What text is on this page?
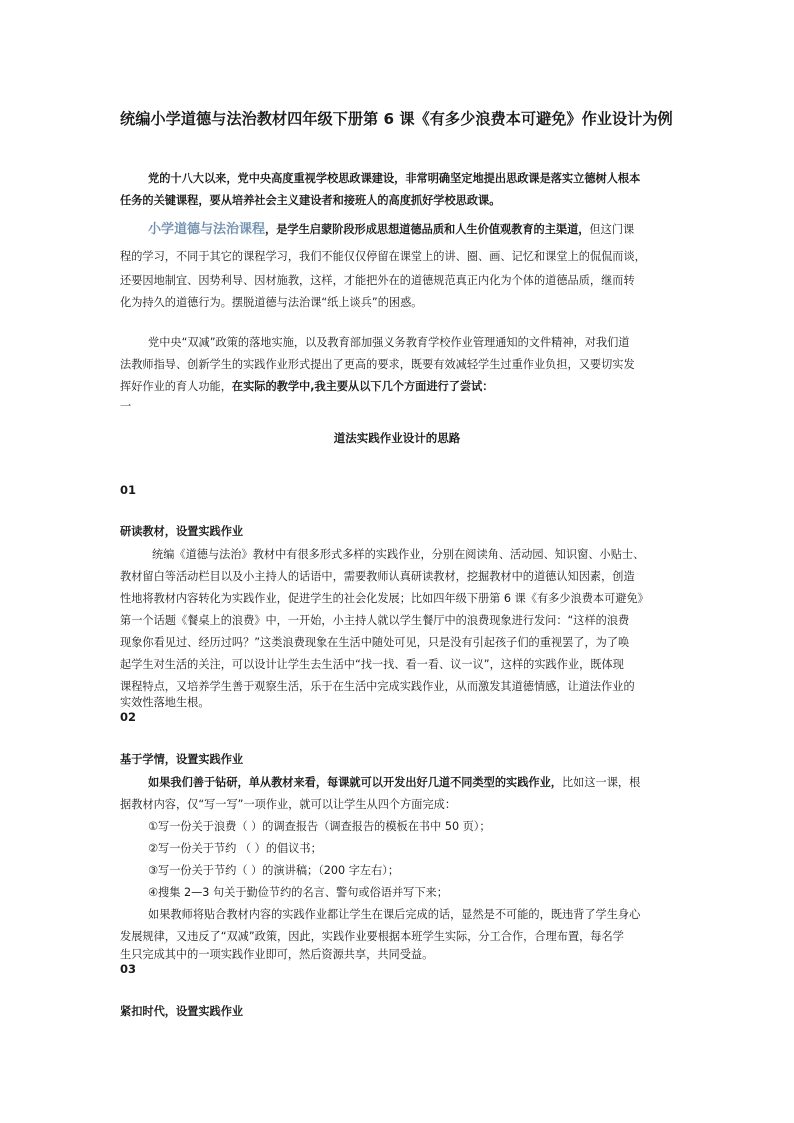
统编小学道德与法治教材四年级下册第 6 课《有多少浪费本可避免》作业设计为例
党的十八大以来，党中央高度重视学校思政课建设，非常明确坚定地提出思政课是落实立德树人根本
任务的关键课程，要从培养社会主义建设者和接班人的高度抓好学校思政课。
小学道德与法治课程，是学生启蒙阶段形成思想道德品质和人生价值观教育的主渠道，但这门课
程的学习，不同于其它的课程学习，我们不能仅仅停留在课堂上的讲、圈、画、记忆和课堂上的侃侃而谈，
还要因地制宜、因势利导、因材施教，这样，才能把外在的道德规范真正内化为个体的道德品质，继而转
化为持久的道德行为。摆脱道德与法治课“纸上谈兵”的困惑。
党中央“双减”政策的落地实施，以及教育部加强义务教育学校作业管理通知的文件精神，对我们道
法教师指导、创新学生的实践作业形式提出了更高的要求，既要有效减轻学生过重作业负担，又要切实发
挥好作业的育人功能，在实际的教学中,我主要从以下几个方面进行了尝试：
一
道法实践作业设计的思路
01
研读教材，设置实践作业
统编《道德与法治》教材中有很多形式多样的实践作业，分别在阅读角、活动园、知识窗、小贴士、
教材留白等活动栏目以及小主持人的话语中，需要教师认真研读教材，挖掘教材中的道德认知因素，创造
性地将教材内容转化为实践作业，促进学生的社会化发展；比如四年级下册第 6 课《有多少浪费本可避免》
第一个话题《餐桌上的浪费》中，一开始，小主持人就以学生餐厅中的浪费现象进行发问：“这样的浪费
现象你看见过、经历过吗？”这类浪费现象在生活中随处可见，只是没有引起孩子们的重视罢了，为了唤
起学生对生活的关注，可以设计让学生去生活中“找一找、看一看、议一议”，这样的实践作业，既体现
课程特点，又培养学生善于观察生活，乐于在生活中完成实践作业，从而激发其道德情感，让道法作业的
实效性落地生根。
02
基于学情，设置实践作业
如果我们善于钻研，单从教材来看，每课就可以开发出好几道不同类型的实践作业，比如这一课，根
据教材内容，仅“写一写”一项作业，就可以让学生从四个方面完成：
①写一份关于浪费（ ）的调查报告（调查报告的模板在书中 50 页）；
②写一份关于节约 （ ）的倡议书；
③写一份关于节约（ ）的演讲稿；（200 字左右）；
④搜集 2—3 句关于勤俭节约的名言、警句或俗语并写下来；
如果教师将贴合教材内容的实践作业都让学生在课后完成的话，显然是不可能的，既违背了学生身心
发展规律，又违反了“双减”政策，因此，实践作业要根据本班学生实际，分工合作，合理布置，每名学
生只完成其中的一项实践作业即可，然后资源共享，共同受益。
03
紧扣时代，设置实践作业
